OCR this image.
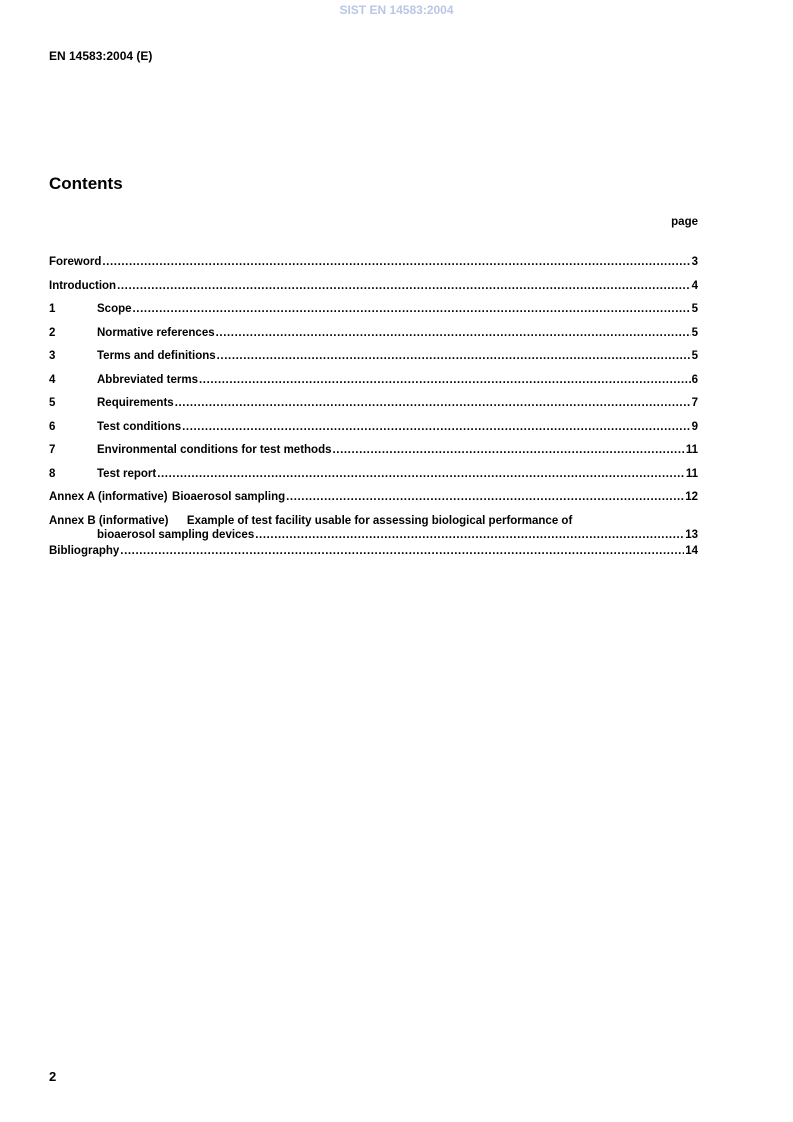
SIST EN 14583:2004
EN 14583:2004 (E)
Contents
page
Foreword .....	3
Introduction .....	4
1	Scope .....	5
2	Normative references .....	5
3	Terms and definitions .....	5
4	Abbreviated terms .....	6
5	Requirements .....	7
6	Test conditions .....	9
7	Environmental conditions for test methods .....	11
8	Test report .....	11
Annex A (informative) Bioaerosol sampling .....	12
Annex B (informative) Example of test facility usable for assessing biological performance of
bioaerosol sampling devices .....	13
Bibliography .....	14
2
